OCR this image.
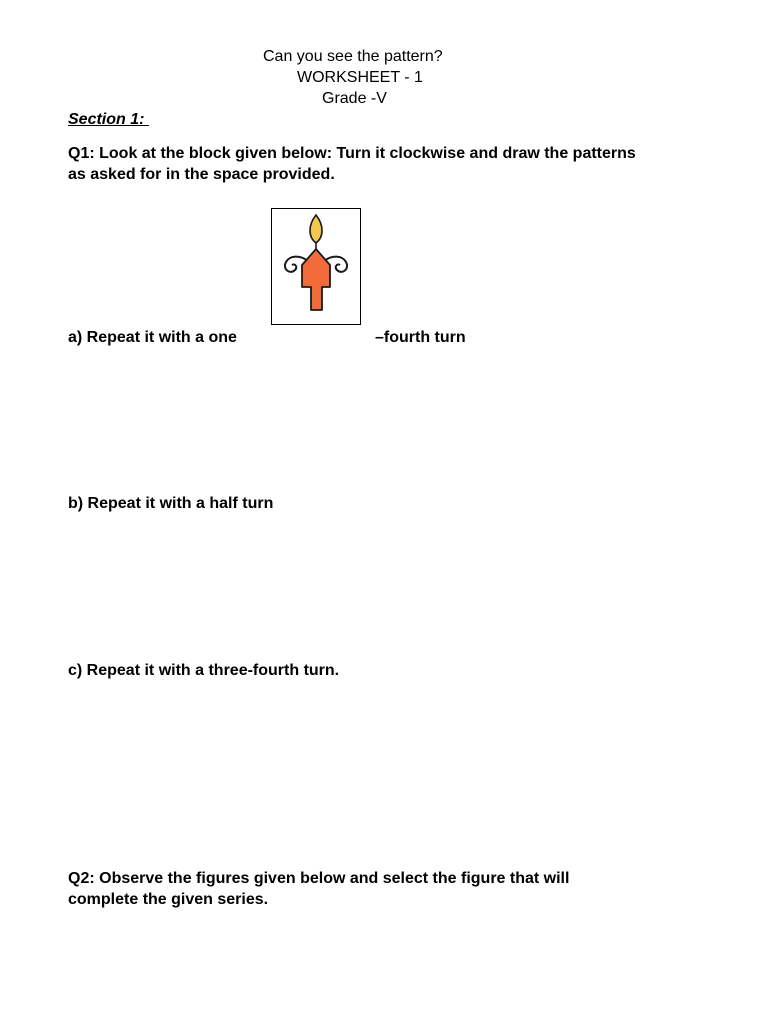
Can you see the pattern?
WORKSHEET - 1
Grade -V
Section 1:
Q1: Look at the block given below: Turn it clockwise and draw the patterns
as asked for in the space provided.
a) Repeat it with a one	–fourth turn
b) Repeat it with a half turn
c) Repeat it with a three-fourth turn.
Q2: Observe the figures given below and select the figure that will
complete the given series.
